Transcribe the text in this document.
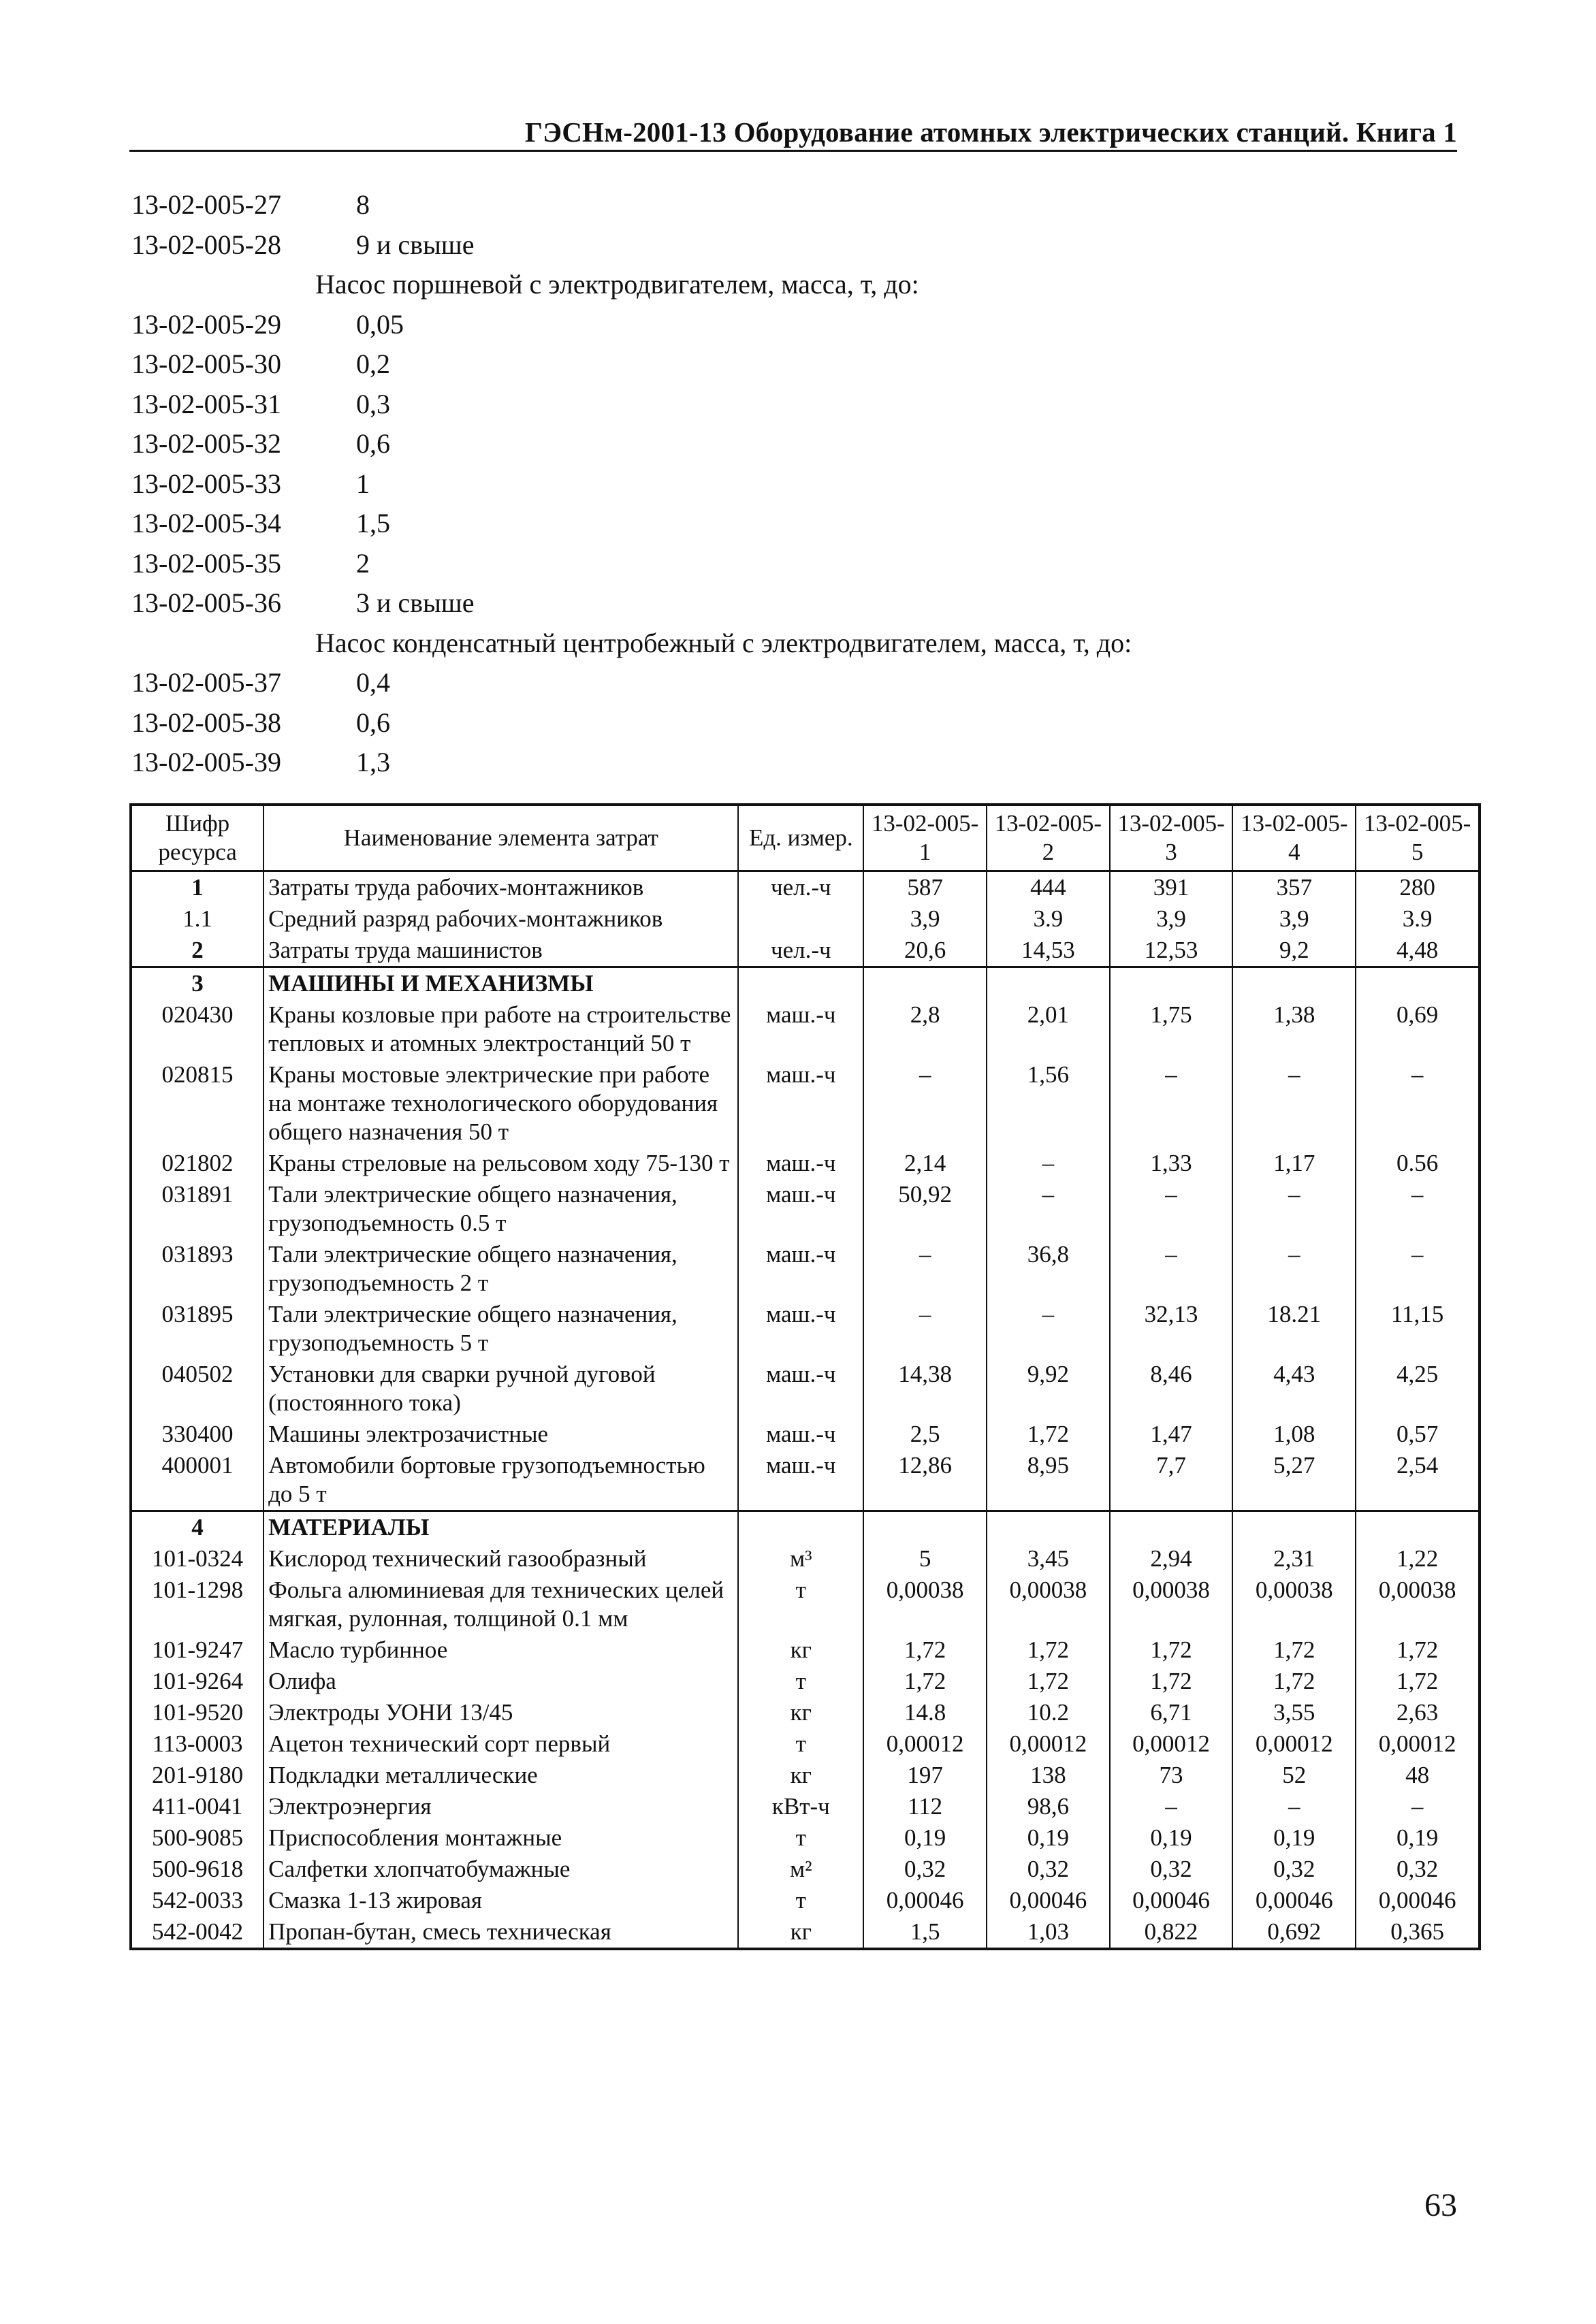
ГЭСНм-2001-13 Оборудование атомных электрических станций. Книга 1
13-02-005-27	8
13-02-005-28	9 и свыше
Насос поршневой с электродвигателем, масса, т, до:
13-02-005-29	0,05
13-02-005-30	0,2
13-02-005-31	0,3
13-02-005-32	0,6
13-02-005-33	1
13-02-005-34	1,5
13-02-005-35	2
13-02-005-36	3 и свыше
Насос конденсатный центробежный с электродвигателем, масса, т, до:
13-02-005-37	0,4
13-02-005-38	0,6
13-02-005-39	1,3
Шифр ресурса	Наименование элемента затрат	Ед. измер.	13-02-005-1	13-02-005-2	13-02-005-3	13-02-005-4	13-02-005-5
1	Затраты труда рабочих-монтажников	чел.-ч	587	444	391	357	280
1.1	Средний разряд рабочих-монтажников		3,9	3.9	3,9	3,9	3.9
2	Затраты труда машинистов	чел.-ч	20,6	14,53	12,53	9,2	4,48
3	МАШИНЫ И МЕХАНИЗМЫ						
020430	Краны козловые при работе на строительстве тепловых и атомных электростанций 50 т	маш.-ч	2,8	2,01	1,75	1,38	0,69
020815	Краны мостовые электрические при работе на монтаже технологического оборудования общего назначения 50 т	маш.-ч	–	1,56	–	–	–
021802	Краны стреловые на рельсовом ходу 75-130 т	маш.-ч	2,14	–	1,33	1,17	0.56
031891	Тали электрические общего назначения, грузоподъемность 0.5 т	маш.-ч	50,92	–	–	–	–
031893	Тали электрические общего назначения, грузоподъемность 2 т	маш.-ч	–	36,8	–	–	–
031895	Тали электрические общего назначения, грузоподъемность 5 т	маш.-ч	–	–	32,13	18.21	11,15
040502	Установки для сварки ручной дуговой (постоянного тока)	маш.-ч	14,38	9,92	8,46	4,43	4,25
330400	Машины электрозачистные	маш.-ч	2,5	1,72	1,47	1,08	0,57
400001	Автомобили бортовые грузоподъемностью до 5 т	маш.-ч	12,86	8,95	7,7	5,27	2,54
4	МАТЕРИАЛЫ						
101-0324	Кислород технический газообразный	м³	5	3,45	2,94	2,31	1,22
101-1298	Фольга алюминиевая для технических целей мягкая, рулонная, толщиной 0.1 мм	т	0,00038	0,00038	0,00038	0,00038	0,00038
101-9247	Масло турбинное	кг	1,72	1,72	1,72	1,72	1,72
101-9264	Олифа	т	1,72	1,72	1,72	1,72	1,72
101-9520	Электроды УОНИ 13/45	кг	14.8	10.2	6,71	3,55	2,63
113-0003	Ацетон технический сорт первый	т	0,00012	0,00012	0,00012	0,00012	0,00012
201-9180	Подкладки металлические	кг	197	138	73	52	48
411-0041	Электроэнергия	кВт-ч	112	98,6	–	–	–
500-9085	Приспособления монтажные	т	0,19	0,19	0,19	0,19	0,19
500-9618	Салфетки хлопчатобумажные	м²	0,32	0,32	0,32	0,32	0,32
542-0033	Смазка 1-13 жировая	т	0,00046	0,00046	0,00046	0,00046	0,00046
542-0042	Пропан-бутан, смесь техническая	кг	1,5	1,03	0,822	0,692	0,365
63
